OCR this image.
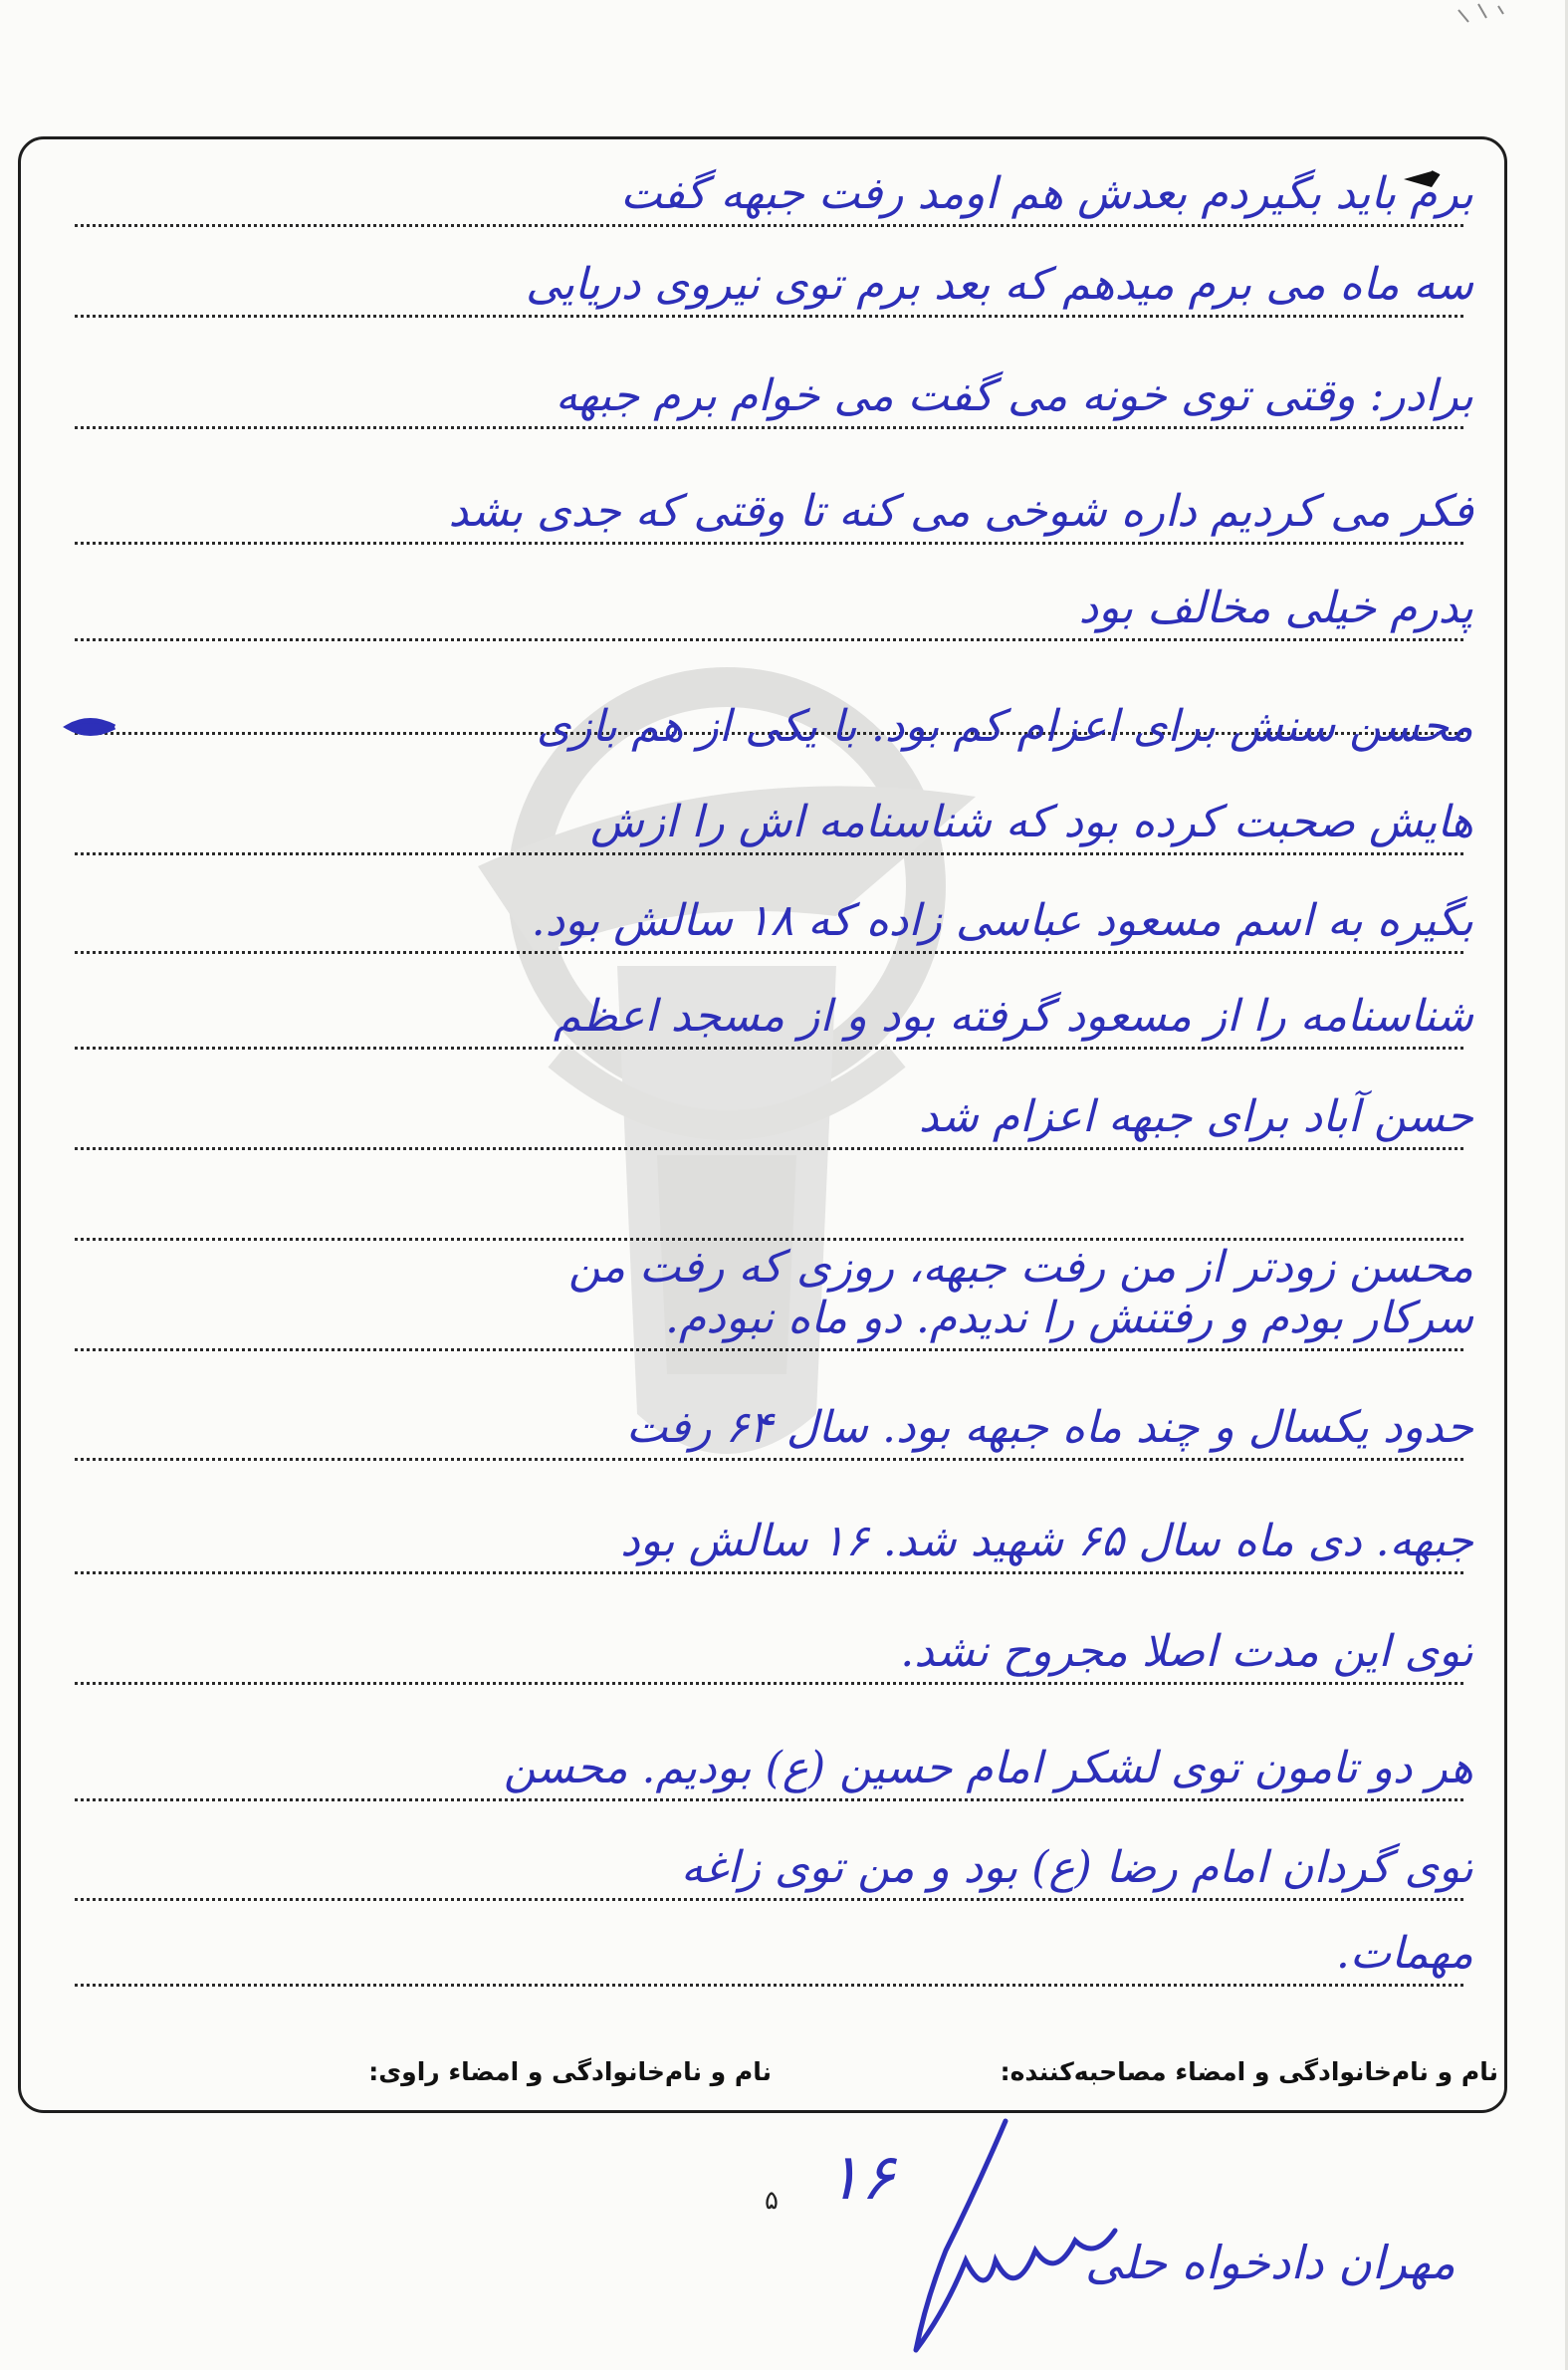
برم باید بگیردم بعدش هم اومد رفت جبهه گفت
سه ماه می برم میدهم که بعد برم توی نیروی دریایی
برادر: وقتی توی خونه می گفت می خوام برم جبهه
فکر می کردیم داره شوخی می کنه تا وقتی که جدی بشد
پدرم خیلی مخالف بود
محسن سنش برای اعزام کم بود. با یکی از هم بازی
هایش صحبت کرده بود که شناسنامه اش را ازش
بگیره به اسم مسعود عباسی زاده که ۱۸ سالش بود.
شناسنامه را از مسعود گرفته بود و از مسجد اعظم
حسن آباد برای جبهه اعزام شد
محسن زودتر از من رفت جبهه، روزی که رفت من
سرکار بودم و رفتنش را ندیدم. دو ماه نبودم.
حدود یکسال و چند ماه جبهه بود. سال ۶۴ رفت
جبهه. دی ماه سال ۶۵ شهید شد. ۱۶ سالش بود
توی این مدت اصلا مجروح نشد.
هر دو تامون توی لشکر امام حسین (ع) بودیم. محسن
توی گردان امام رضا (ع) بود و من توی زاغه
مهمات.
نام و نام‌خانوادگی و امضاء مصاحبه‌کننده:
نام و نام‌خانوادگی و امضاء راوی:
۵ ۱۶
مهران دادخواه حلی
